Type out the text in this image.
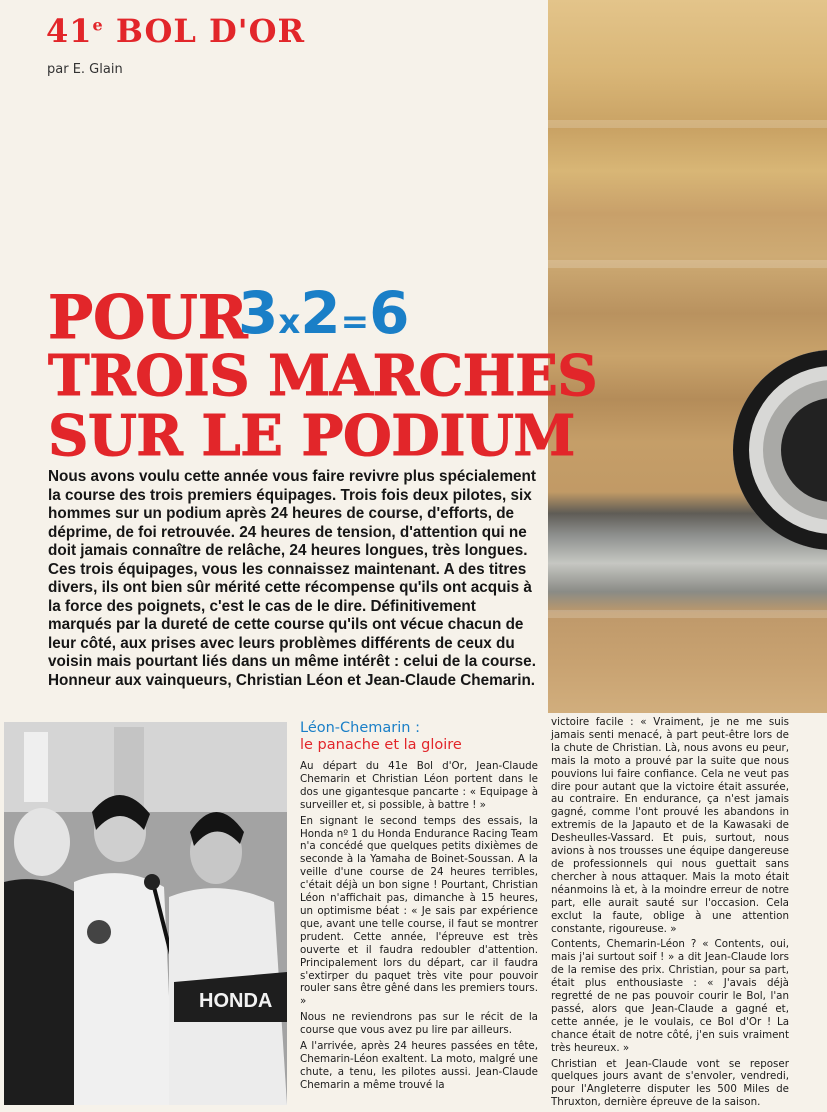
41e BOL D'OR
par E. Glain
POUR
3x2=6
TROIS MARCHES
SUR LE PODIUM

Nous avons voulu cette année vous faire revivre plus spécialement la course des trois premiers équipages. Trois fois deux pilotes, six hommes sur un podium après 24 heures de course, d'efforts, de déprime, de foi retrouvée. 24 heures de tension, d'attention qui ne doit jamais connaître de relâche, 24 heures longues, très longues.

Ces trois équipages, vous les connaissez maintenant. A des titres divers, ils ont bien sûr mérité cette récompense qu'ils ont acquis à la force des poignets, c'est le cas de le dire. Définitivement marqués par la dureté de cette course qu'ils ont vécue chacun de leur côté, aux prises avec leurs problèmes différents de ceux du voisin mais pourtant liés dans un même intérêt : celui de la course. Honneur aux vainqueurs, Christian Léon et Jean-Claude Chemarin.

HONDA
Léon-Chemarin :
le panache et la gloire

Au départ du 41e Bol d'Or, Jean-Claude Chemarin et Christian Léon portent dans le dos une gigantesque pancarte : « Equipage à surveiller et, si possible, à battre ! »

En signant le second temps des essais, la Honda nº 1 du Honda Endurance Racing Team n'a concédé que quelques petits dixièmes de seconde à la Yamaha de Boinet-Soussan. A la veille d'une course de 24 heures terribles, c'était déjà un bon signe ! Pourtant, Christian Léon n'affichait pas, dimanche à 15 heures, un optimisme béat : « Je sais par expérience que, avant une telle course, il faut se montrer prudent. Cette année, l'épreuve est très ouverte et il faudra redoubler d'attention. Principalement lors du départ, car il faudra s'extirper du paquet très vite pour pouvoir rouler sans être gêné dans les premiers tours. »

Nous ne reviendrons pas sur le récit de la course que vous avez pu lire par ailleurs.

A l'arrivée, après 24 heures passées en tête, Chemarin-Léon exaltent. La moto, malgré une chute, a tenu, les pilotes aussi. Jean-Claude Chemarin a même trouvé la

victoire facile : « Vraiment, je ne me suis jamais senti menacé, à part peut-être lors de la chute de Christian. Là, nous avons eu peur, mais la moto a prouvé par la suite que nous pouvions lui faire confiance. Cela ne veut pas dire pour autant que la victoire était assurée, au contraire. En endurance, ça n'est jamais gagné, comme l'ont prouvé les abandons in extremis de la Japauto et de la Kawasaki de Desheulles-Vassard. Et puis, surtout, nous avions à nos trousses une équipe dangereuse de professionnels qui nous guettait sans chercher à nous attaquer. Mais la moto était néanmoins là et, à la moindre erreur de notre part, elle aurait sauté sur l'occasion. Cela exclut la faute, oblige à une attention constante, rigoureuse. »

Contents, Chemarin-Léon ? « Contents, oui, mais j'ai surtout soif ! » a dit Jean-Claude lors de la remise des prix. Christian, pour sa part, était plus enthousiaste : « J'avais déjà regretté de ne pas pouvoir courir le Bol, l'an passé, alors que Jean-Claude a gagné et, cette année, je le voulais, ce Bol d'Or ! La chance était de notre côté, j'en suis vraiment très heureux. »

Christian et Jean-Claude vont se reposer quelques jours avant de s'envoler, vendredi, pour l'Angleterre disputer les 500 Miles de Thruxton, dernière épreuve de la saison.
